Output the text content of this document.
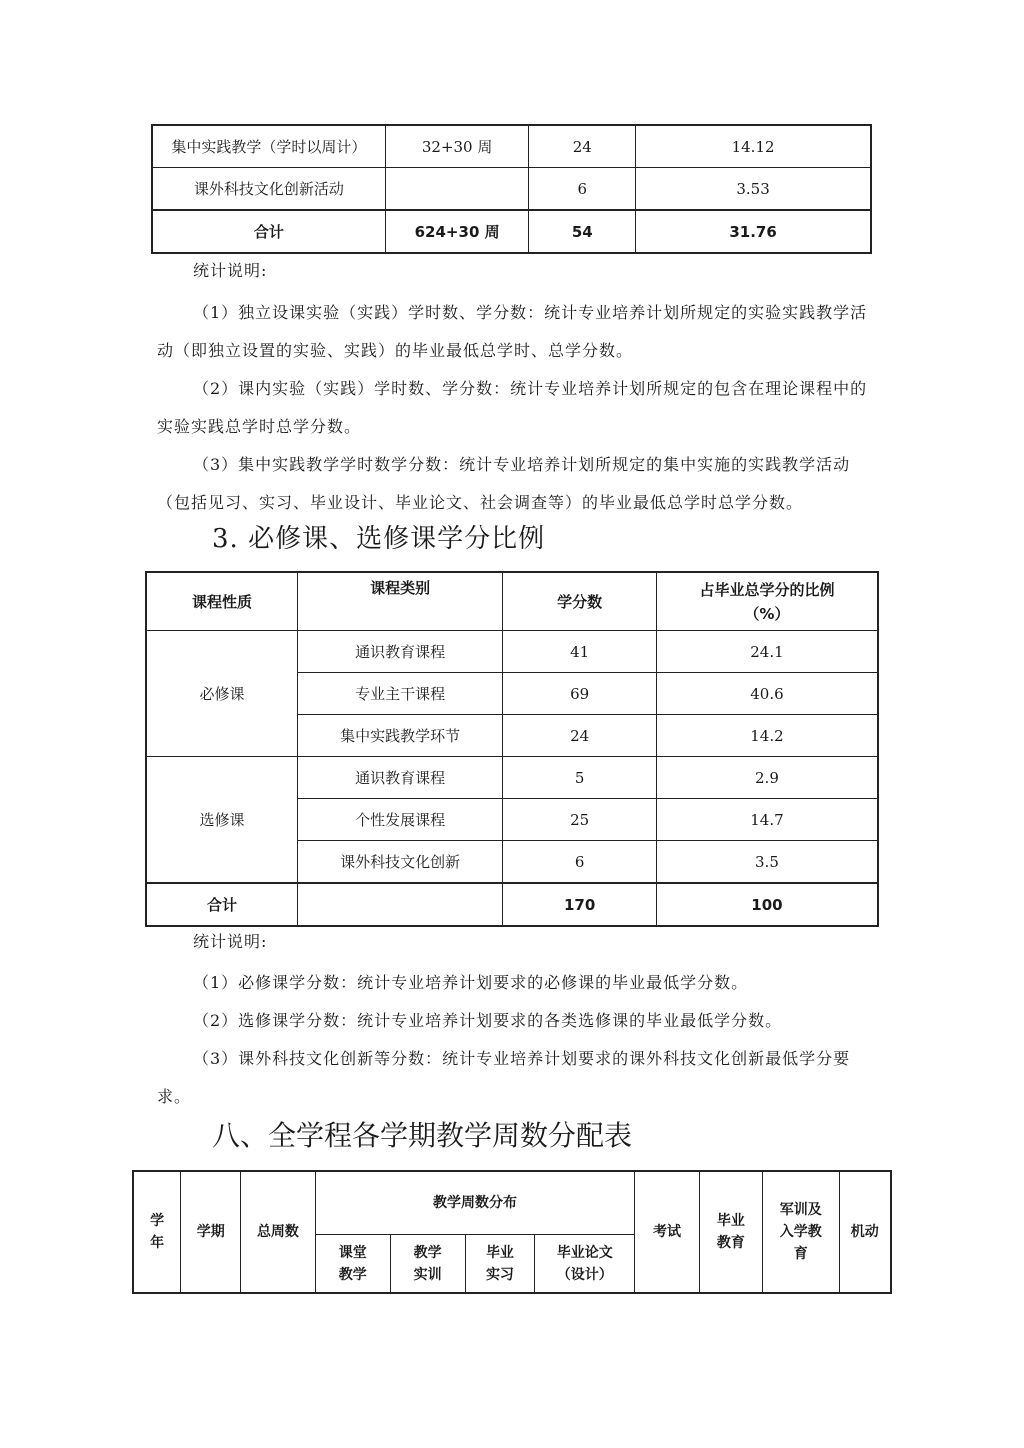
集中实践教学（学时以周计）	32+30 周	24	14.12
课外科技文化创新活动		6	3.53
合计	624+30 周	54	31.76

统计说明:

（1）独立设课实验（实践）学时数、学分数：统计专业培养计划所规定的实验实践教学活动（即独立设置的实验、实践）的毕业最低总学时、总学分数。

（2）课内实验（实践）学时数、学分数：统计专业培养计划所规定的包含在理论课程中的实验实践总学时总学分数。

（3）集中实践教学学时数学分数：统计专业培养计划所规定的集中实施的实践教学活动（包括见习、实习、毕业设计、毕业论文、社会调查等）的毕业最低总学时总学分数。

3. 必修课、选修课学分比例
课程性质	课程类别	学分数	占毕业总学分的比例（%）
必修课	通识教育课程	41	24.1
	专业主干课程	69	40.6
	集中实践教学环节	24	14.2
选修课	通识教育课程	5	2.9
	个性发展课程	25	14.7
	课外科技文化创新	6	3.5
合计		170	100

统计说明:

（1）必修课学分数：统计专业培养计划要求的必修课的毕业最低学分数。

（2）选修课学分数：统计专业培养计划要求的各类选修课的毕业最低学分数。

（3）课外科技文化创新等分数：统计专业培养计划要求的课外科技文化创新最低学分要求。

八、全学程各学期教学周数分配表
学年	学期	总周数	教学周数分布				考试	毕业教育	军训及入学教育	机动
			课堂教学	教学实训	毕业实习	毕业论文（设计）				
